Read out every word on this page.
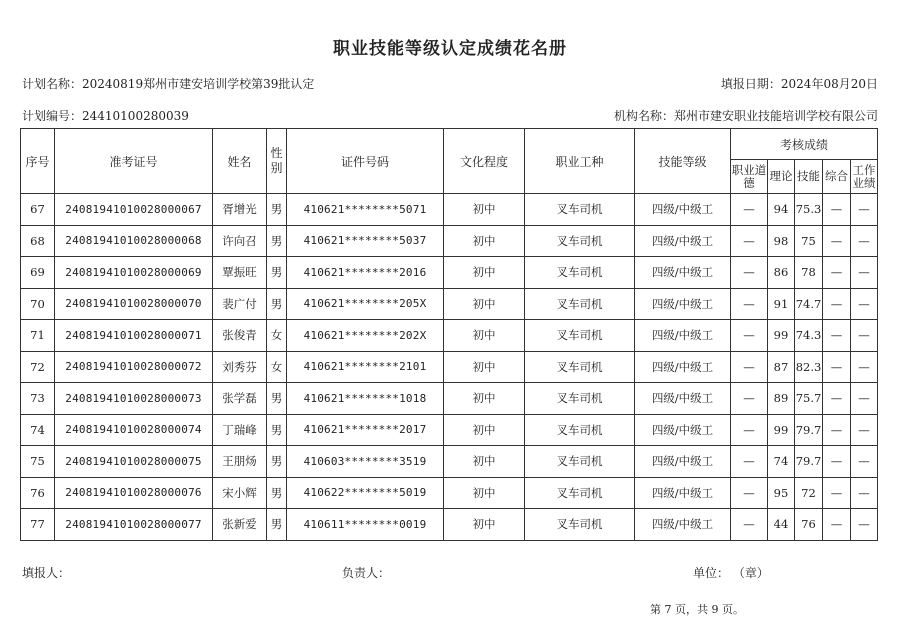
职业技能等级认定成绩花名册
计划名称：20240819郑州市建安培训学校第39批认定	填报日期：2024年08月20日
计划编号：24410100280039	机构名称：郑州市建安职业技能培训学校有限公司
序号	准考证号	姓名	性别	证件号码	文化程度	职业工种	技能等级	考核成绩				
								职业道德	理论	技能	综合	工作业绩
67	24081941010028000067	胥增光	男	410621********5071	初中	叉车司机	四级/中级工	—	94	75.3	—	—
68	24081941010028000068	许向召	男	410621********5037	初中	叉车司机	四级/中级工	—	98	75	—	—
69	24081941010028000069	覃振旺	男	410621********2016	初中	叉车司机	四级/中级工	—	86	78	—	—
70	24081941010028000070	裴广付	男	410621********205X	初中	叉车司机	四级/中级工	—	91	74.7	—	—
71	24081941010028000071	张俊青	女	410621********202X	初中	叉车司机	四级/中级工	—	99	74.3	—	—
72	24081941010028000072	刘秀芬	女	410621********2101	初中	叉车司机	四级/中级工	—	87	82.3	—	—
73	24081941010028000073	张学磊	男	410621********1018	初中	叉车司机	四级/中级工	—	89	75.7	—	—
74	24081941010028000074	丁瑞峰	男	410621********2017	初中	叉车司机	四级/中级工	—	99	79.7	—	—
75	24081941010028000075	王朋炀	男	410603********3519	初中	叉车司机	四级/中级工	—	74	79.7	—	—
76	24081941010028000076	宋小辉	男	410622********5019	初中	叉车司机	四级/中级工	—	95	72	—	—
77	24081941010028000077	张新爱	男	410611********0019	初中	叉车司机	四级/中级工	—	44	76	—	—
填报人：	负责人：	单位： （章）
第 7 页，共 9 页。
